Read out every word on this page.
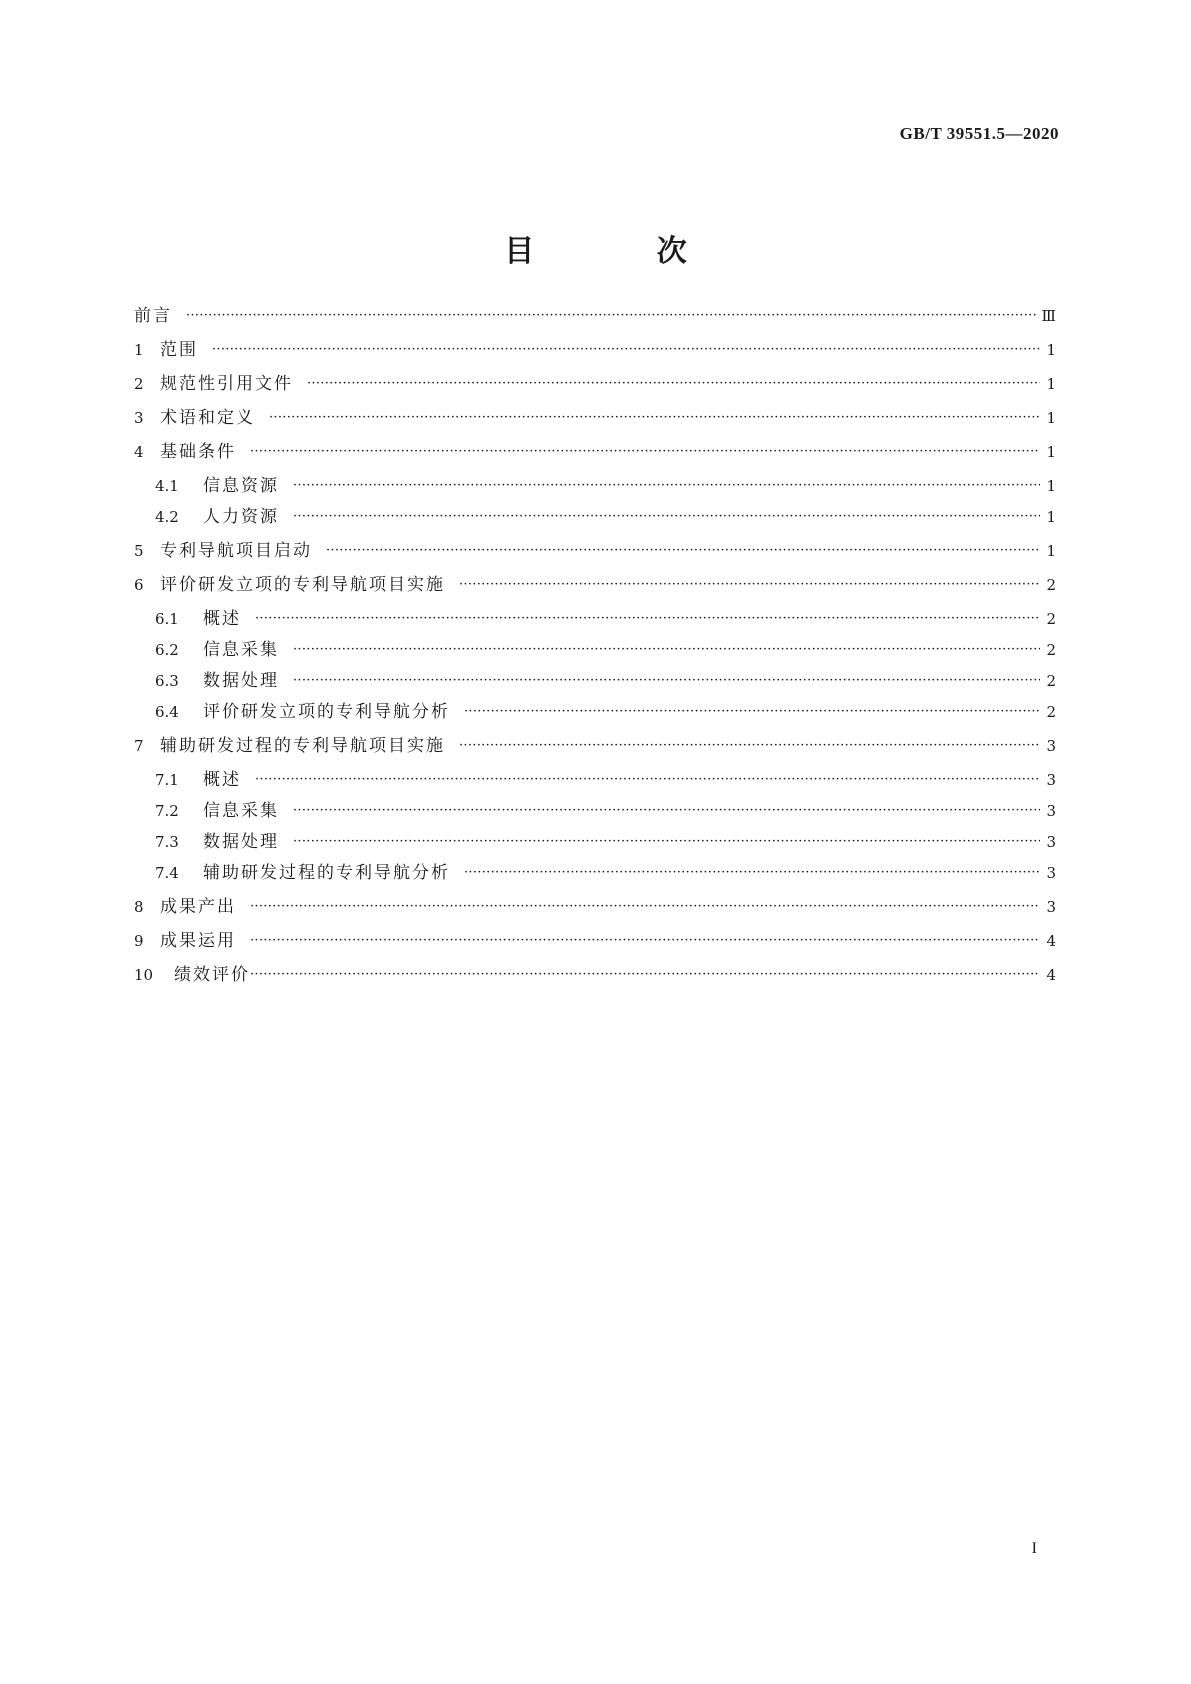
GB/T 39551.5—2020
目 次
前言 ·····	Ⅲ
1 范围 ·····	1
2 规范性引用文件 ·····	1
3 术语和定义 ·····	1
4 基础条件 ·····	1
4.1	信息资源 ·····	1
4.2	人力资源 ·····	1
5 专利导航项目启动 ·····	1
6 评价研发立项的专利导航项目实施 ·····	2
6.1	概述 ·····	2
6.2	信息采集 ·····	2
6.3	数据处理 ·····	2
6.4	评价研发立项的专利导航分析 ·····	2
7 辅助研发过程的专利导航项目实施 ·····	3
7.1	概述 ·····	3
7.2	信息采集 ·····	3
7.3	数据处理 ·····	3
7.4	辅助研发过程的专利导航分析 ·····	3
8 成果产出 ·····	3
9 成果运用 ·····	4
10	绩效评价 ·····	4
I
